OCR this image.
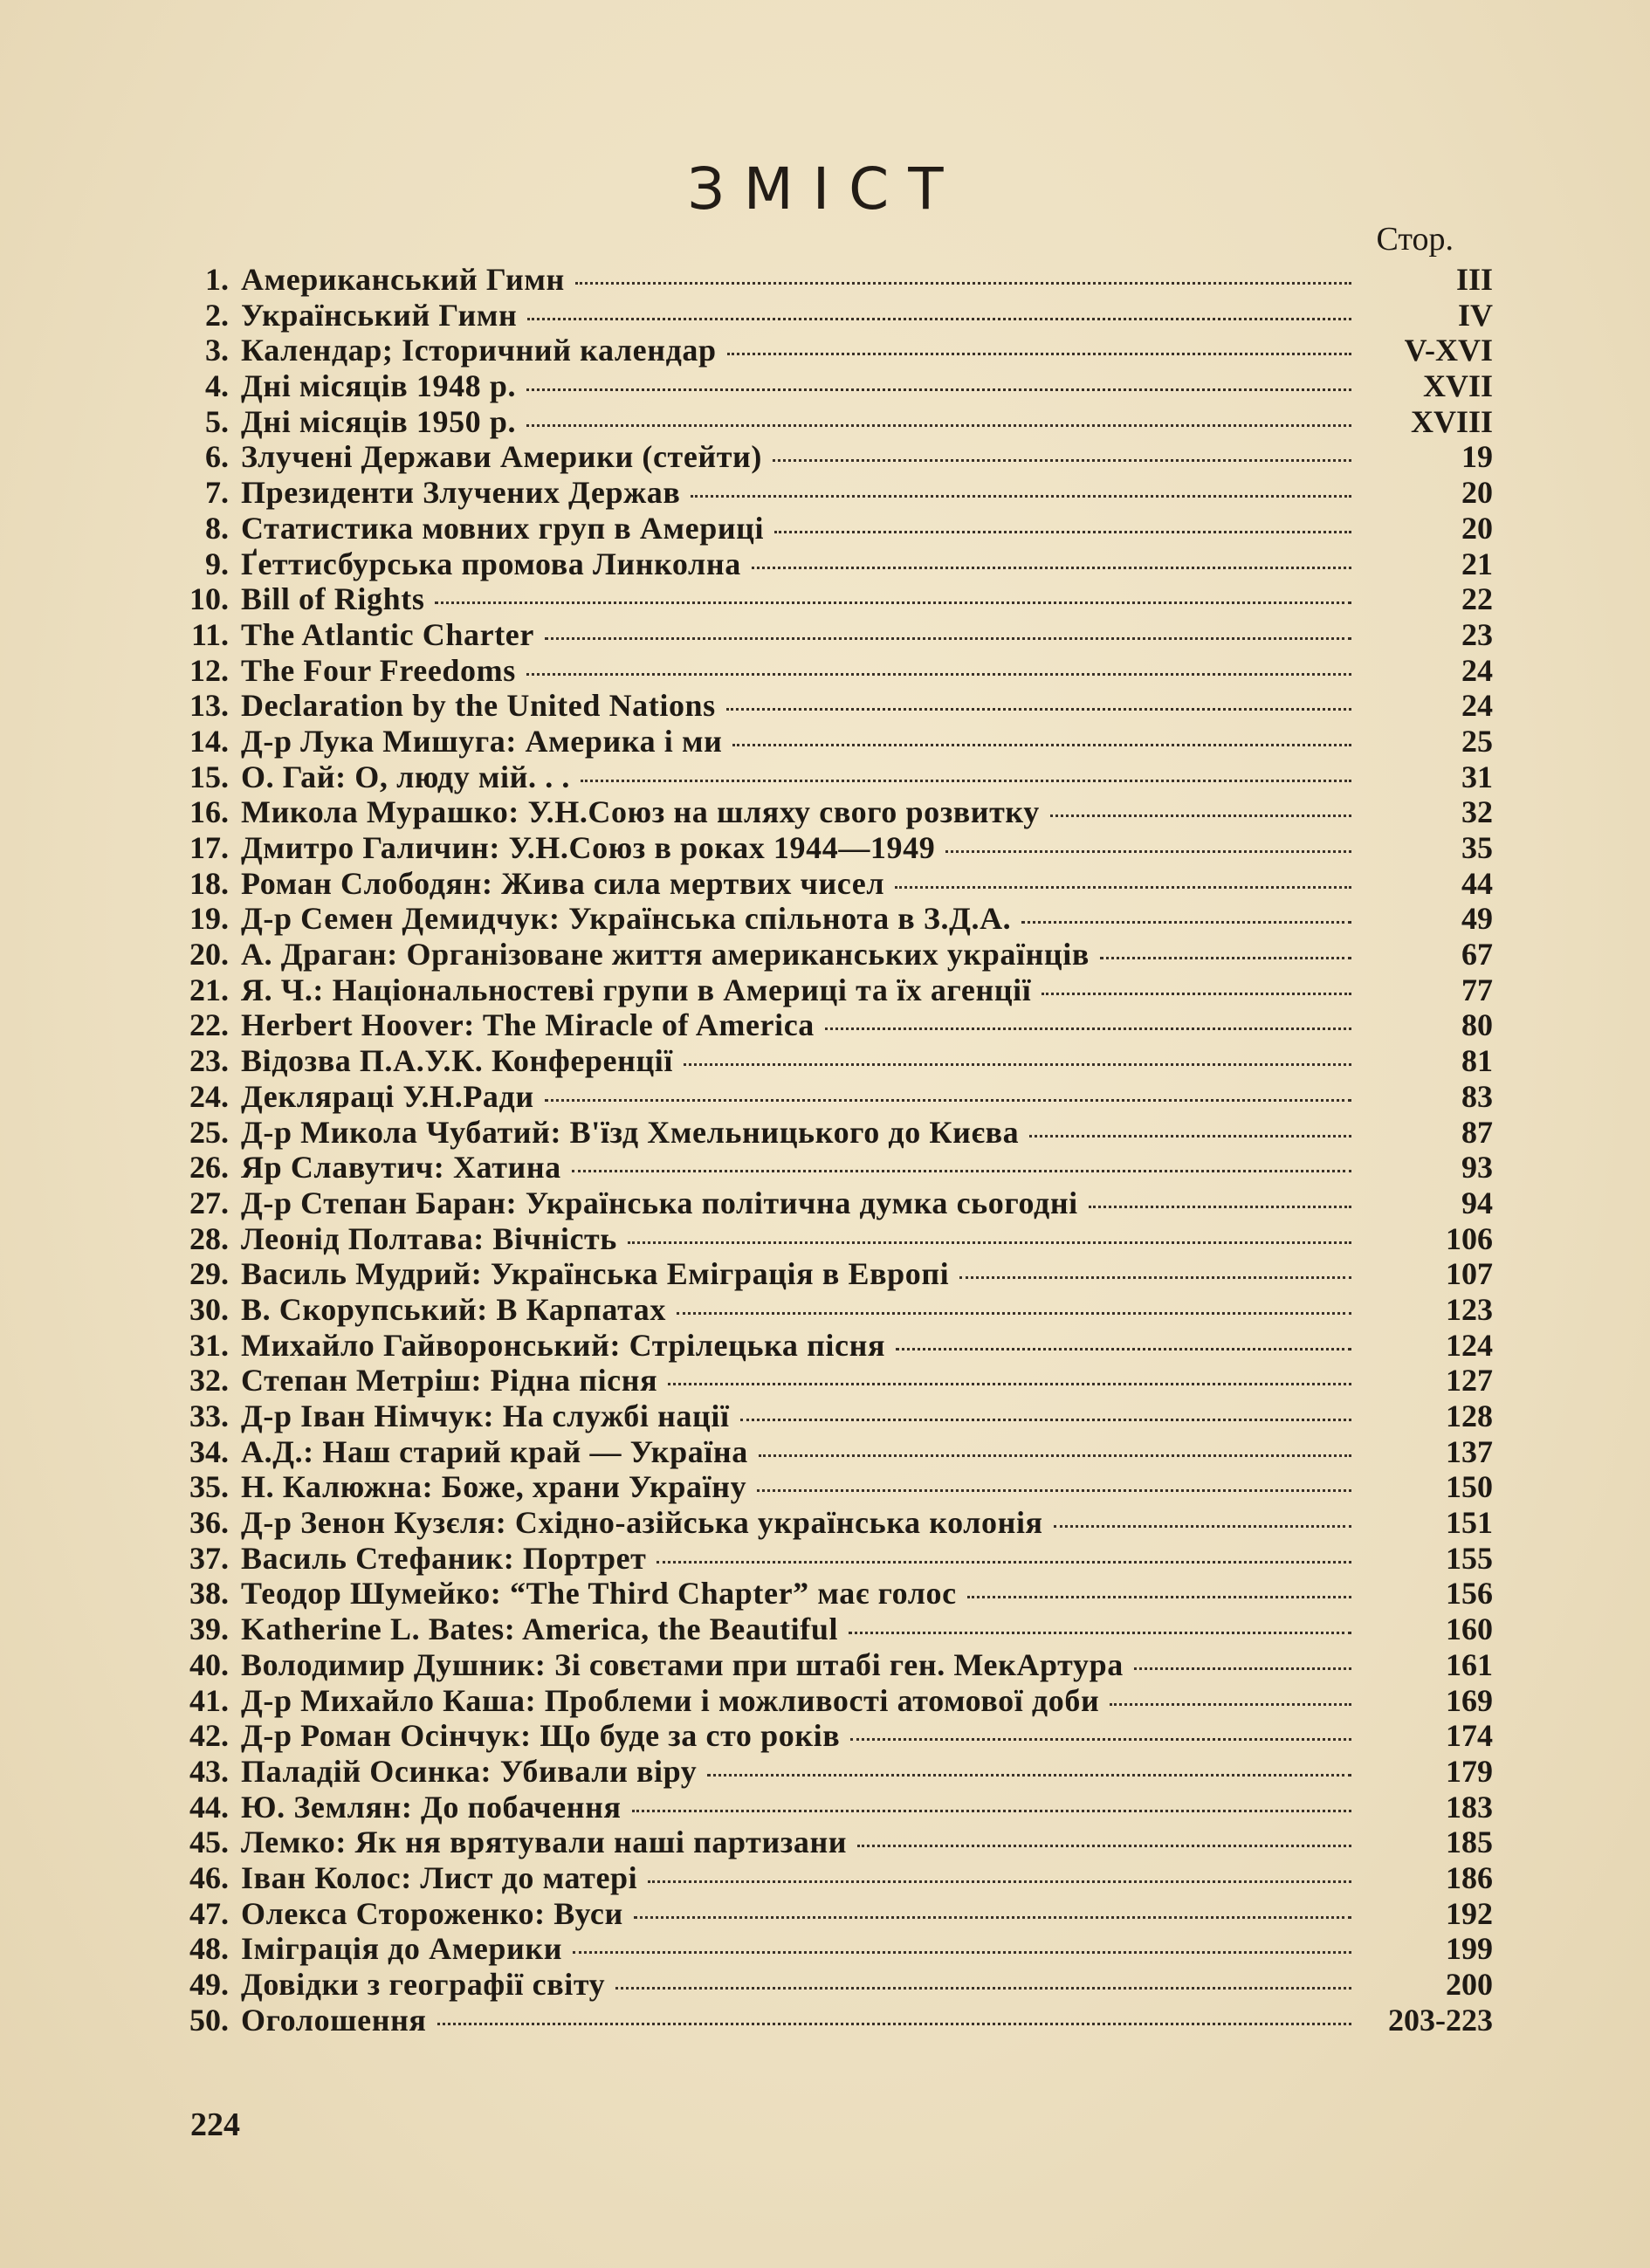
ЗМІСТ
Стор.
1. Американський Гимн	III
2. Український Гимн	IV
3. Календар; Історичний календар	V-XVI
4. Дні місяців 1948 р.	XVII
5. Дні місяців 1950 р.	XVIII
6. Злучені Держави Америки (стейти)	19
7. Президенти Злучених Держав	20
8. Статистика мовних груп в Америці	20
9. Ґеттисбурська промова Линколна	21
10. Bill of Rights	22
11. The Atlantic Charter	23
12. The Four Freedoms	24
13. Declaration by the United Nations	24
14. Д-р Лука Мишуга: Америка і ми	25
15. О. Гай: О, люду мій. . .	31
16. Микола Мурашко: У.Н.Союз на шляху свого розвитку	32
17. Дмитро Галичин: У.Н.Союз в роках 1944—1949	35
18. Роман Слободян: Жива сила мертвих чисел	44
19. Д-р Семен Демидчук: Українська спільнота в З.Д.А.	49
20. А. Драган: Організоване життя американських українців	67
21. Я. Ч.: Національностеві групи в Америці та їх агенції	77
22. Herbert Hoover: The Miracle of America	80
23. Відозва П.А.У.К. Конференції	81
24. Декляраці У.Н.Ради	83
25. Д-р Микола Чубатий: В'їзд Хмельницького до Києва	87
26. Яр Славутич: Хатина	93
27. Д-р Степан Баран: Українська політична думка сьогодні	94
28. Леонід Полтава: Вічність	106
29. Василь Мудрий: Українська Еміграція в Европі	107
30. В. Скорупський: В Карпатах	123
31. Михайло Гайворонський: Стрілецька пісня	124
32. Степан Метріш: Рідна пісня	127
33. Д-р Іван Німчук: На службі нації	128
34. А.Д.: Наш старий край — Україна	137
35. Н. Калюжна: Боже, храни Україну	150
36. Д-р Зенон Кузєля: Східно-азійська українська колонія	151
37. Василь Стефаник: Портрет	155
38. Теодор Шумейко: “The Third Chapter” має голос	156
39. Katherine L. Bates: America, the Beautiful	160
40. Володимир Душник: Зі совєтами при штабі ген. МекАртура	161
41. Д-р Михайло Каша: Проблеми і можливості атомової доби	169
42. Д-р Роман Осінчук: Що буде за сто років	174
43. Паладій Осинка: Убивали віру	179
44. Ю. Землян: До побачення	183
45. Лемко: Як ня врятували наші партизани	185
46. Іван Колос: Лист до матері	186
47. Олекса Стороженко: Вуси	192
48. Іміграція до Америки	199
49. Довідки з географії світу	200
50. Оголошення	203-223
224
